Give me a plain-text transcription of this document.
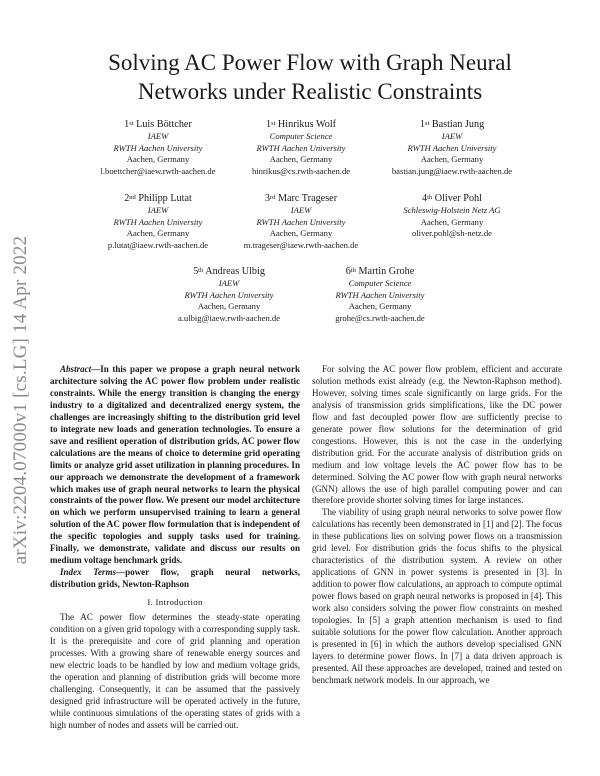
arXiv:2204.07000v1 [cs.LG] 14 Apr 2022
Solving AC Power Flow with Graph Neural
Networks under Realistic Constraints
1st Luis Böttcher
IAEW
RWTH Aachen University
Aachen, Germany
l.boettcher@iaew.rwth-aachen.de
1st Hinrikus Wolf
Computer Science
RWTH Aachen University
Aachen, Germany
hinrikus@cs.rwth-aachen.de
1st Bastian Jung
IAEW
RWTH Aachen University
Aachen, Germany
bastian.jung@iaew.rwth-aachen.de
2nd Philipp Lutat
IAEW
RWTH Aachen University
Aachen, Germany
p.lutat@iaew.rwth-aachen.de
3rd Marc Trageser
IAEW
RWTH Aachen University
Aachen, Germany
m.trageser@iaew.rwth-aachen.de
4th Oliver Pohl
Schleswig-Holstein Netz AG
Aachen, Germany
oliver.pohl@sh-netz.de
5th Andreas Ulbig
IAEW
RWTH Aachen University
Aachen, Germany
a.ulbig@iaew.rwth-aachen.de
6th Martin Grohe
Computer Science
RWTH Aachen University
Aachen, Germany
grohe@cs.rwth-aachen.de

Abstract—In this paper we propose a graph neural network architecture solving the AC power flow problem under realistic constraints. While the energy transition is changing the energy industry to a digitalized and decentralized energy system, the challenges are increasingly shifting to the distribution grid level to integrate new loads and generation technologies. To ensure a save and resilient operation of distribution grids, AC power flow calculations are the means of choice to determine grid operating limits or analyze grid asset utilization in planning procedures. In our approach we demonstrate the development of a framework which makes use of graph neural networks to learn the physical constraints of the power flow. We present our model architecture on which we perform unsupervised training to learn a general solution of the AC power flow formulation that is independent of the specific topologies and supply tasks used for training. Finally, we demonstrate, validate and discuss our results on medium voltage benchmark grids.

Index Terms—power flow, graph neural networks, distribution grids, Newton-Raphson

I. Introduction

The AC power flow determines the steady-state operating condition on a given grid topology with a corresponding supply task. It is the prerequisite and core of grid planning and operation processes. With a growing share of renewable energy sources and new electric loads to be handled by low and medium voltage grids, the operation and planning of distribution grids will become more challenging. Consequently, it can be assumed that the passively designed grid infrastructure will be operated actively in the future, while continuous simulations of the operating states of grids with a high number of nodes and assets will be carried out.

For solving the AC power flow problem, efficient and accurate solution methods exist already (e.g. the Newton-Raphson method). However, solving times scale significantly on large grids. For the analysis of transmission grids simplifications, like the DC power flow and fast decoupled power flow are sufficiently precise to generate power flow solutions for the determination of grid congestions. However, this is not the case in the underlying distribution grid. For the accurate analysis of distribution grids on medium and low voltage levels the AC power flow has to be determined. Solving the AC power flow with graph neural networks (GNN) allows the use of high parallel computing power and can therefore provide shorter solving times for large instances.

The viability of using graph neural networks to solve power flow calculations has recently been demonstrated in [1] and [2]. The focus in these publications lies on solving power flows on a transmission grid level. For distribution grids the focus shifts to the physical characteristics of the distribution system. A review on other applications of GNN in power systems is presented in [3]. In addition to power flow calculations, an approach to compute optimal power flows based on graph neural networks is proposed in [4]. This work also considers solving the power flow constraints on meshed topologies. In [5] a graph attention mechanism is used to find suitable solutions for the power flow calculation. Another approach is presented in [6] in which the authors develop specialised GNN layers to determine power flows. In [7] a data driven approach is presented. All these approaches are developed, trained and tested on benchmark network models. In our approach, we
